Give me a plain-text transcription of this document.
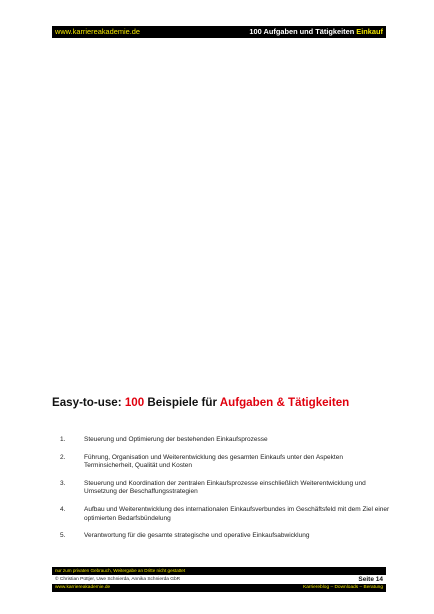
www.karriereakademie.de	100 Aufgaben und Tätigkeiten Einkauf
Easy-to-use: 100 Beispiele für Aufgaben & Tätigkeiten
1.	Steuerung und Optimierung der bestehenden Einkaufsprozesse
2.	Führung, Organisation und Weiterentwicklung des gesamten Einkaufs unter den Aspekten Terminsicherheit, Qualität und Kosten
3.	Steuerung und Koordination der zentralen Einkaufsprozesse einschließlich Weiterentwicklung und Umsetzung der Beschaffungsstrategien
4.	Aufbau und Weiterentwicklung des internationalen Einkaufsverbundes im Geschäftsfeld mit dem Ziel einer optimierten Bedarfsbündelung
5.	Verantwortung für die gesamte strategische und operative Einkaufsabwicklung
nur zum privaten Gebrauch, Weitergabe an Dritte nicht gestattet
© Christian Püttjer, Uwe Schnierda, Annika Schnierda GbR	Seite 14
www.karriereakademie.de	Karriereblog – Downloads – Beratung
